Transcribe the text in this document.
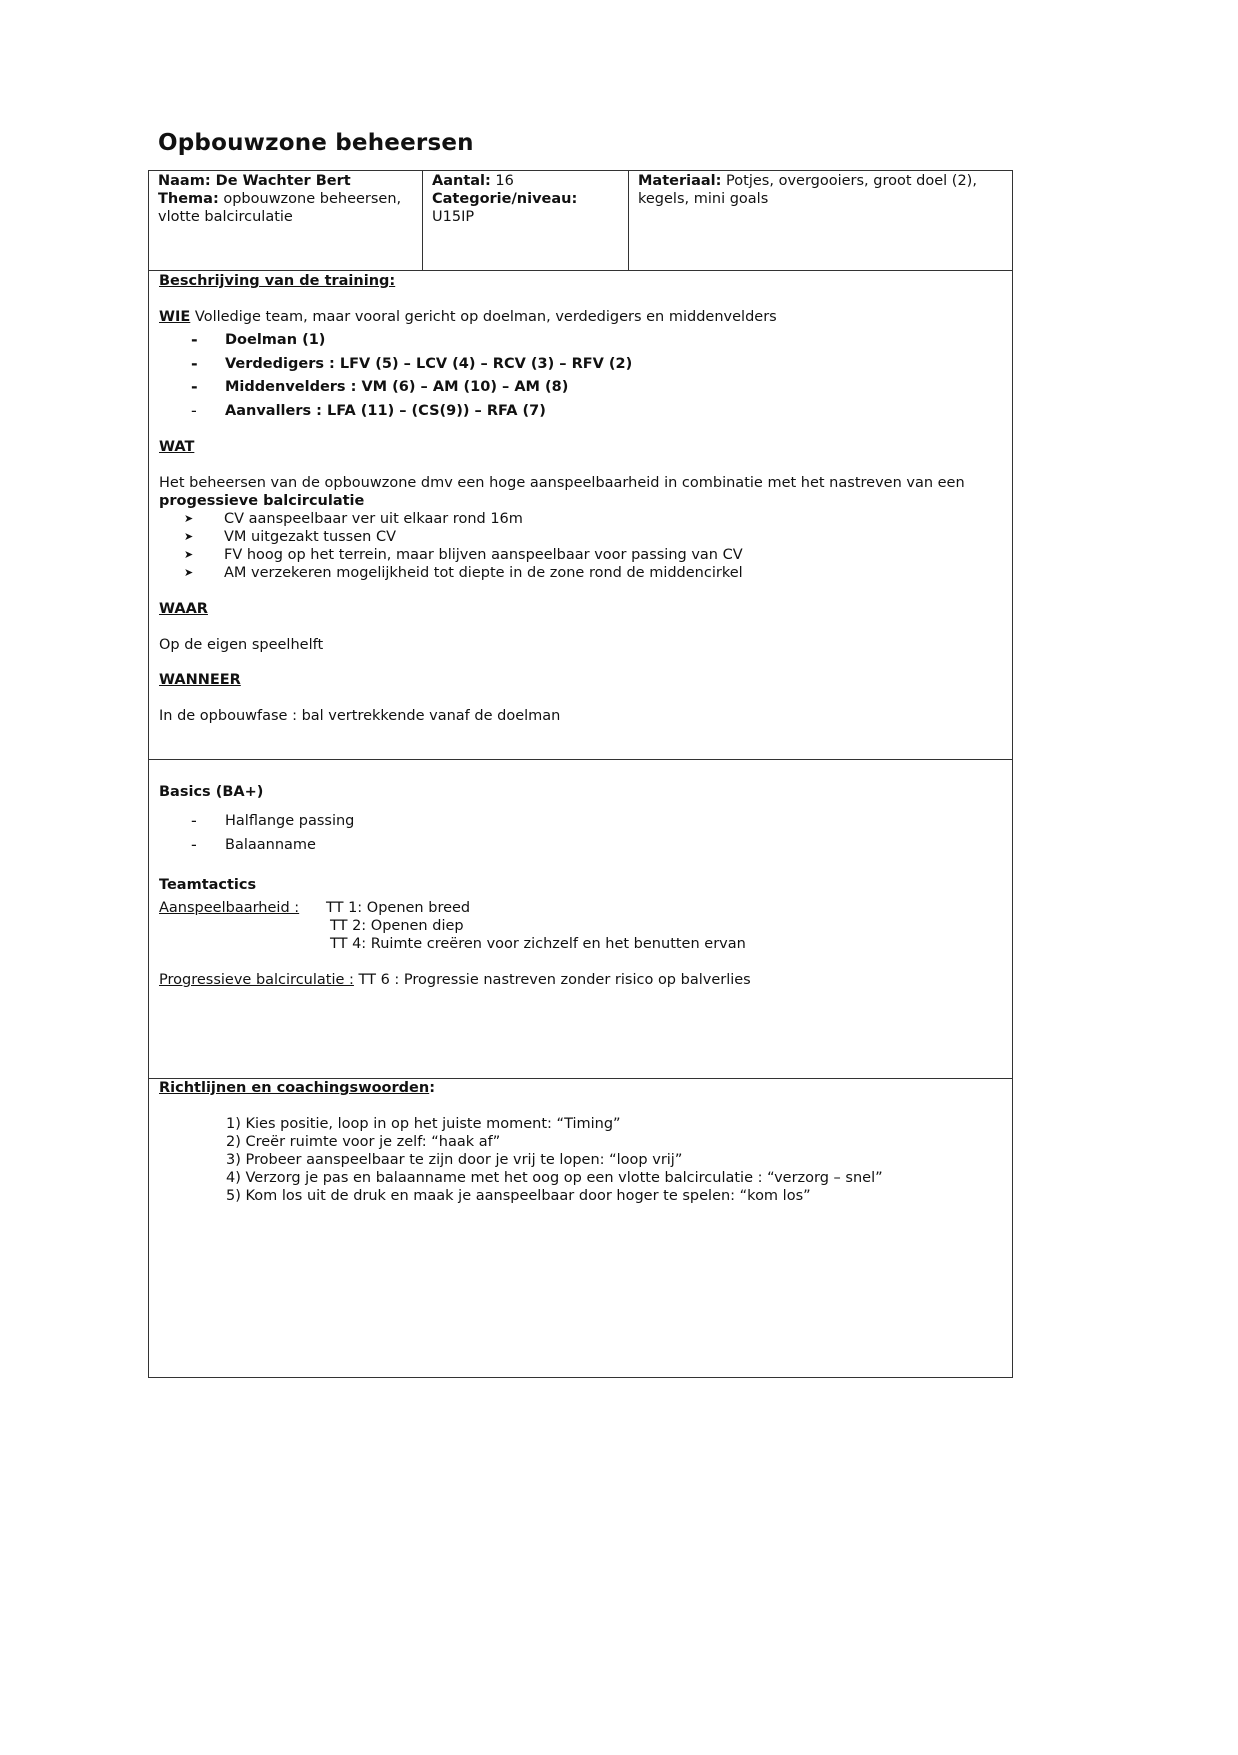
Opbouwzone beheersen
Naam: De Wachter Bert
Thema: opbouwzone beheersen,
vlotte balcirculatie
Aantal: 16
Categorie/niveau:
U15IP
Materiaal: Potjes, overgooiers, groot doel (2),
kegels, mini goals
Beschrijving van de training:
WIE Volledige team, maar vooral gericht op doelman, verdedigers en middenvelders
- Doelman (1)
- Verdedigers : LFV (5) – LCV (4) – RCV (3) – RFV (2)
- Middenvelders : VM (6) – AM (10) – AM (8)
- Aanvallers : LFA (11) – (CS(9)) – RFA (7)
WAT
Het beheersen van de opbouwzone dmv een hoge aanspeelbaarheid in combinatie met het nastreven van een
progessieve balcirculatie
➤ CV aanspeelbaar ver uit elkaar rond 16m
➤ VM uitgezakt tussen CV
➤ FV hoog op het terrein, maar blijven aanspeelbaar voor passing van CV
➤ AM verzekeren mogelijkheid tot diepte in de zone rond de middencirkel
WAAR
Op de eigen speelhelft
WANNEER
In de opbouwfase : bal vertrekkende vanaf de doelman
Basics (BA+)
- Halflange passing
- Balaanname
Teamtactics
Aanspeelbaarheid : TT 1: Openen breed
TT 2: Openen diep
TT 4: Ruimte creëren voor zichzelf en het benutten ervan
Progressieve balcirculatie : TT 6 : Progressie nastreven zonder risico op balverlies
Richtlijnen en coachingswoorden:
1) Kies positie, loop in op het juiste moment: “Timing”
2) Creër ruimte voor je zelf: “haak af”
3) Probeer aanspeelbaar te zijn door je vrij te lopen: “loop vrij”
4) Verzorg je pas en balaanname met het oog op een vlotte balcirculatie : “verzorg – snel”
5) Kom los uit de druk en maak je aanspeelbaar door hoger te spelen: “kom los”
